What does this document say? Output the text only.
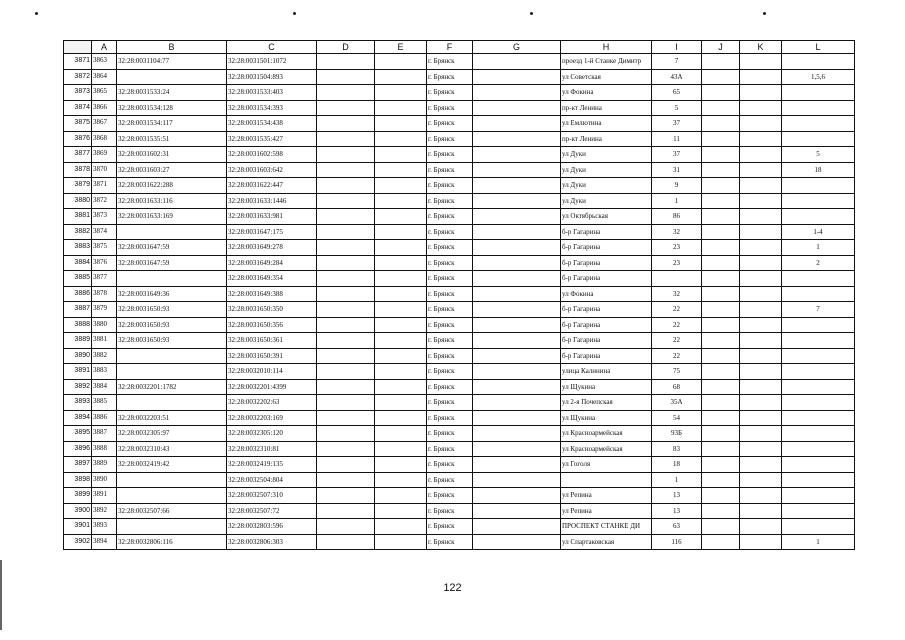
	A	B	C	D	E	F	G	H	I	J	K	L
3871	3863	32:28:0031104:77	32:28:0031501:1072			г. Брянск		проезд 1-й Станке Димитр	7			
3872	3864		32:28:0031504:893			г. Брянск		ул Советская	43А			1,5,6
3873	3865	32:28:0031533:24	32:28:0031533:403			г. Брянск		ул Фокина	65			
3874	3866	32:28:0031534:128	32:28:0031534:393			г. Брянск		пр-кт Ленина	5			
3875	3867	32:28:0031534:117	32:28:0031534:438			г. Брянск		ул Емлютина	37			
3876	3868	32:28:0031535:51	32:28:0031535:427			г. Брянск		пр-кт Ленина	11			
3877	3869	32:28:0031602:31	32:28:0031602:598			г. Брянск		ул Дуки	37			5
3878	3870	32:28:0031603:27	32:28:0031603:642			г. Брянск		ул Дуки	31			18
3879	3871	32:28:0031622:288	32:28:0031622:447			г. Брянск		ул Дуки	9			
3880	3872	32:28:0031633:116	32:28:0031633:1446			г. Брянск		ул Дуки	1			
3881	3873	32:28:0031633:169	32:28:0031633:981			г. Брянск		ул Октябрьская	86			
3882	3874		32:28:0031647:175			г. Брянск		б-р Гагарина	32			1-4
3883	3875	32:28:0031647:59	32:28:0031649:278			г. Брянск		б-р Гагарина	23			1
3884	3876	32:28:0031647:59	32:28:0031649:284			г. Брянск		б-р Гагарина	23			2
3885	3877		32:28:0031649:354			г. Брянск		б-р Гагарина				
3886	3878	32:28:0031649:36	32:28:0031649:388			г. Брянск		ул Фокина	32			
3887	3879	32:28:0031650:93	32:28:0031650:350			г. Брянск		б-р Гагарина	22			7
3888	3880	32:28:0031650:93	32:28:0031650:356			г. Брянск		б-р Гагарина	22			
3889	3881	32:28:0031650:93	32:28:0031650:361			г. Брянск		б-р Гагарина	22			
3890	3882		32:28:0031650:391			г. Брянск		б-р Гагарина	22			
3891	3883		32:28:0032010:114			г. Брянск		улица Калинина	75			
3892	3884	32:28:0032201:1782	32:28:0032201:4399			г. Брянск		ул Щукина	68			
3893	3885		32:28:0032202:63			г. Брянск		ул 2-я Почепская	35А			
3894	3886	32:28:0032203:51	32:28:0032203:169			г. Брянск		ул Щукина	54			
3895	3887	32:28:0032305:97	32:28:0032305:120			г. Брянск		ул Красноармейская	93Б			
3896	3888	32:28:0032310:43	32:28:0032310:81			г. Брянск		ул Красноармейская	83			
3897	3889	32:28:0032419:42	32:28:0032419:135			г. Брянск		ул Гоголя	18			
3898	3890		32:28:0032504:804			г. Брянск			1			
3899	3891		32:28:0032507:310			г. Брянск		ул Репина	13			
3900	3892	32:28:0032507:66	32:28:0032507:72			г. Брянск		ул Репина	13			
3901	3893		32:28:0032803:596			г. Брянск		ПРОСПЕКТ СТАНКЕ ДИ	63			
3902	3894	32:28:0032806:116	32:28:0032806:303			г. Брянск		ул Спартаковская	116			1
122
